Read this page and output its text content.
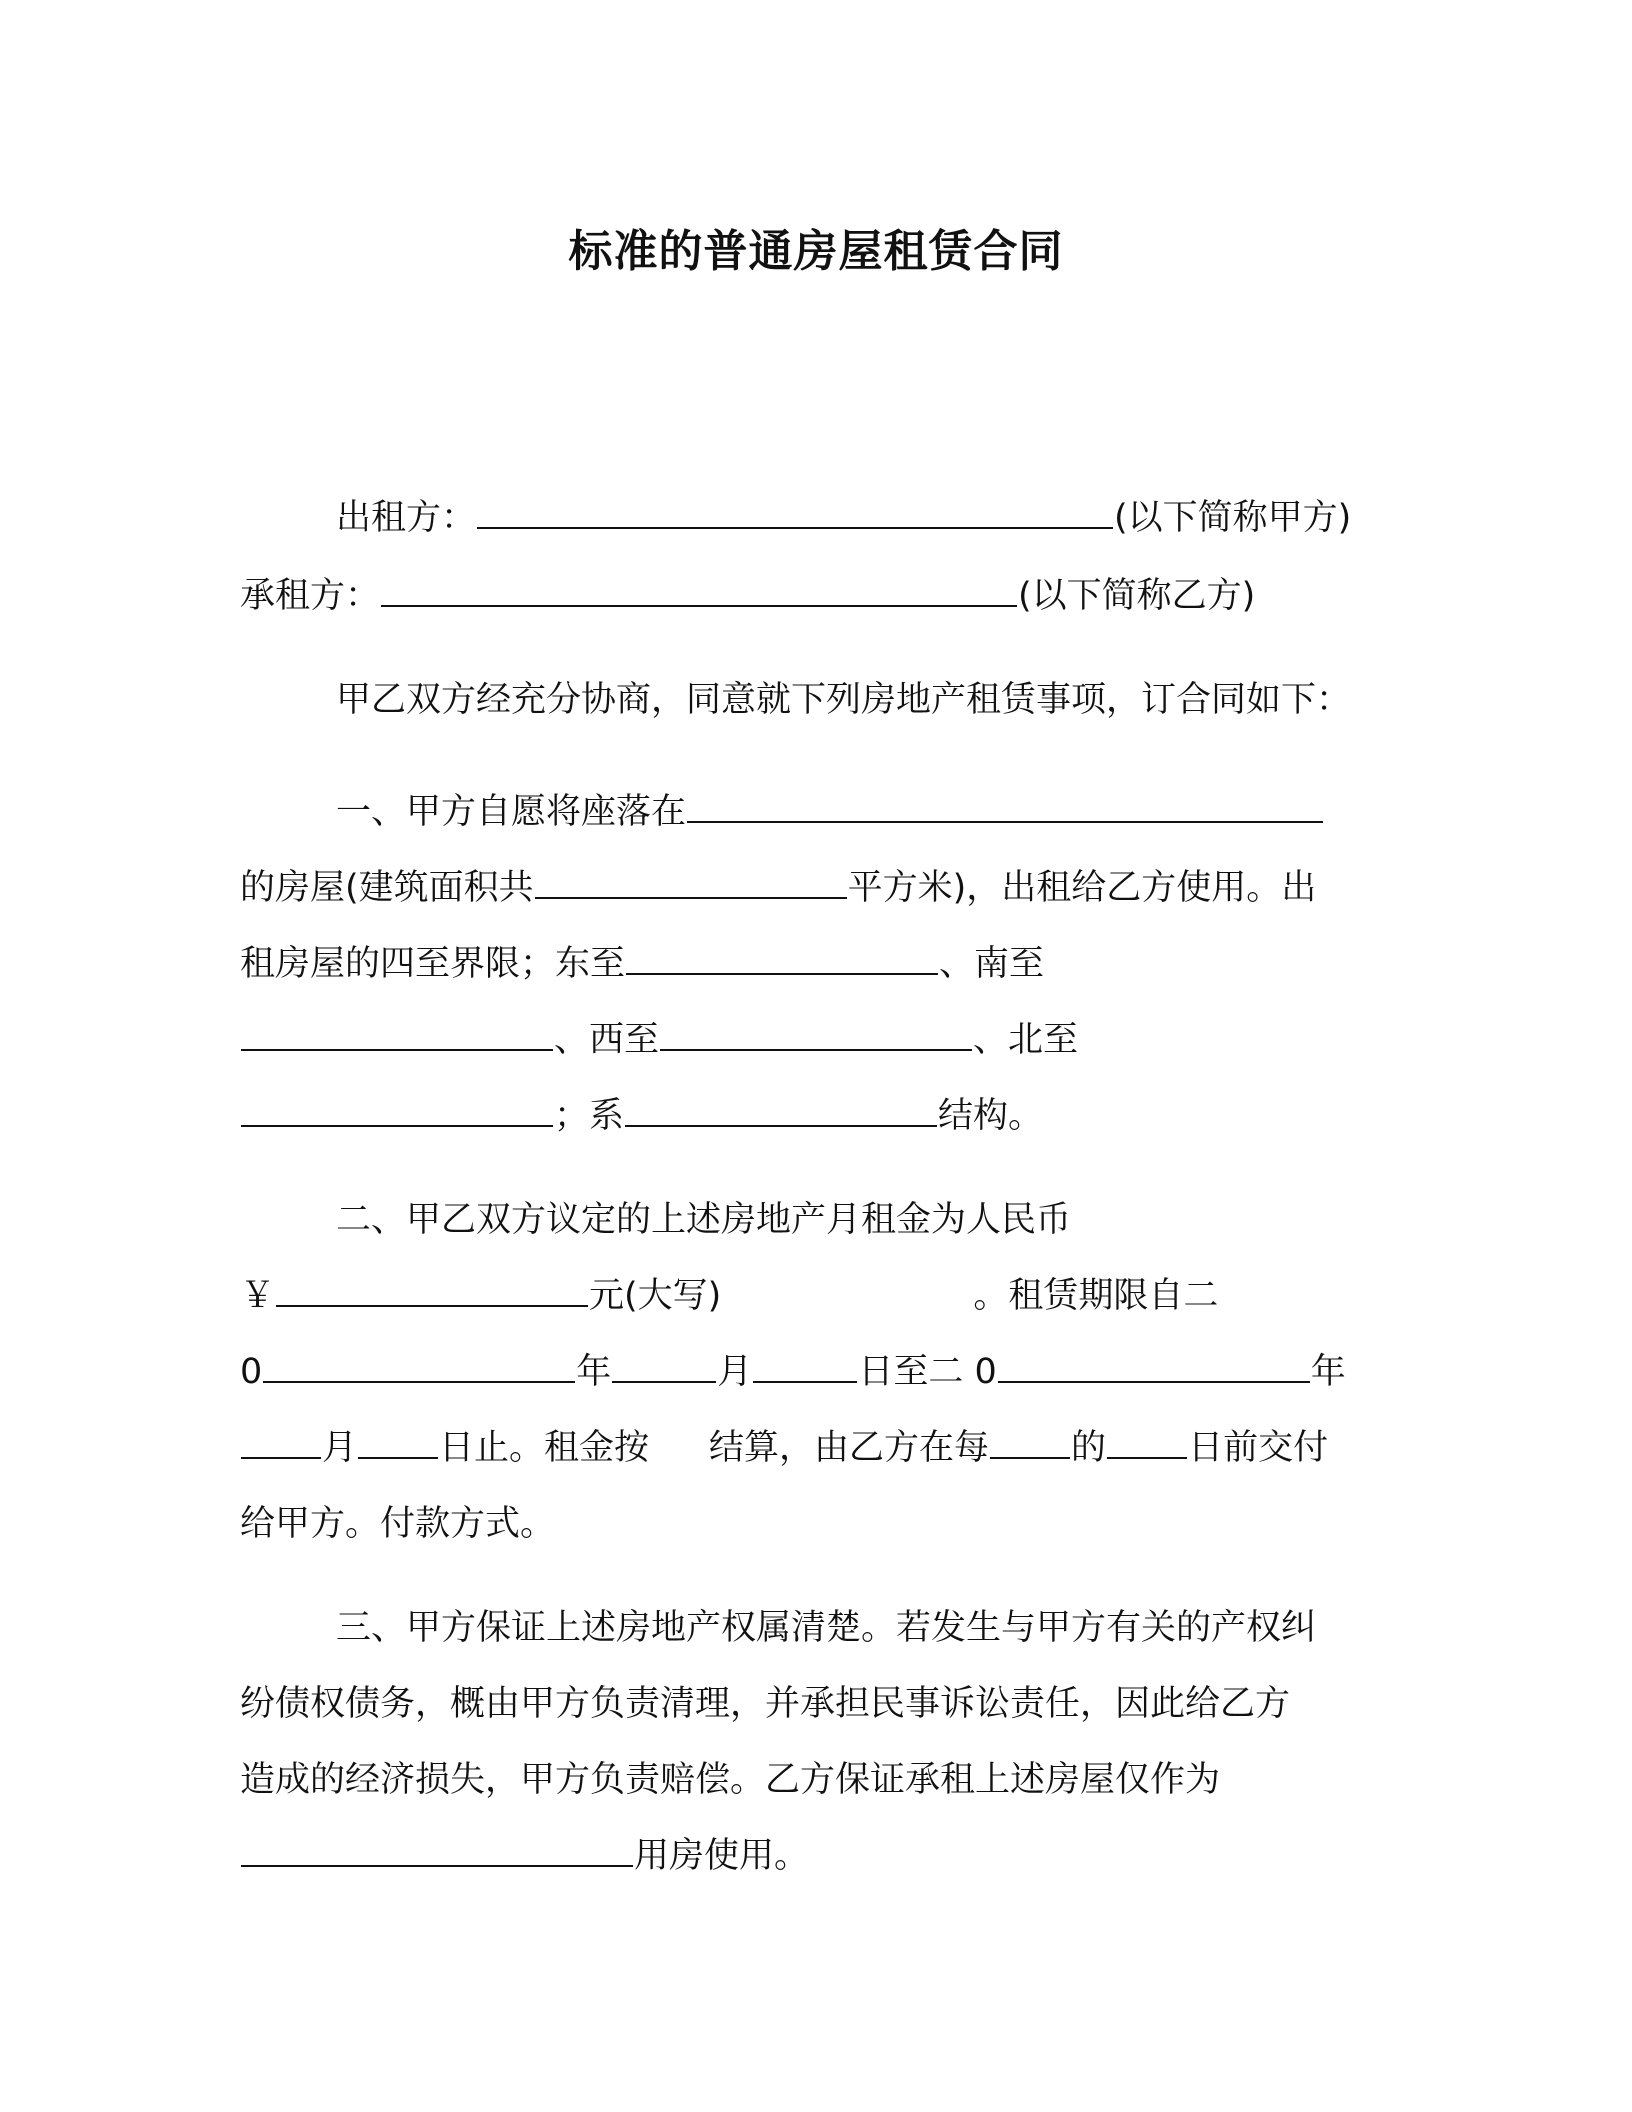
标准的普通房屋租赁合同
出租方：	(以下简称甲方)
承租方：	(以下简称乙方)
甲乙双方经充分协商，同意就下列房地产租赁事项，订合同如下：
一、甲方自愿将座落在
的房屋(建筑面积共	平方米)，出租给乙方使用。出
租房屋的四至界限；东至	、南至
、西至	、北至
；系	结构。
二、甲乙双方议定的上述房地产月租金为人民币
￥	元(大写)	。租赁期限自二
0	年	月	日至二 0	年
月 日止。租金按 结算，由乙方在每 的 日前交付
给甲方。付款方式。
三、甲方保证上述房地产权属清楚。若发生与甲方有关的产权纠
纷债权债务，概由甲方负责清理，并承担民事诉讼责任，因此给乙方
造成的经济损失，甲方负责赔偿。乙方保证承租上述房屋仅作为
用房使用。
